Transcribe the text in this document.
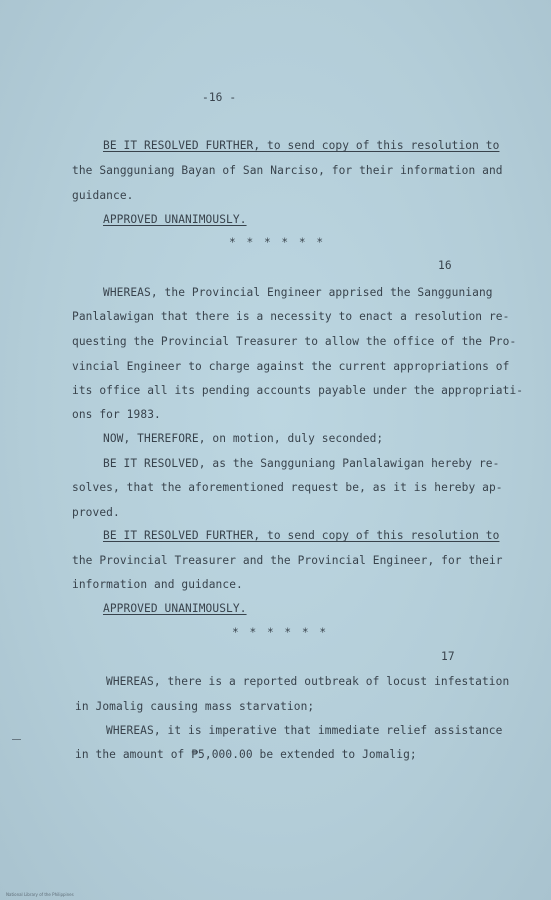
-16 -
BE IT RESOLVED FURTHER, to send copy of this resolution to
the Sangguniang Bayan of San Narciso, for their information and
guidance.
APPROVED UNANIMOUSLY.
* * * * * *
16
WHEREAS, the Provincial Engineer apprised the Sangguniang
Panlalawigan that there is a necessity to enact a resolution re-
questing the Provincial Treasurer to allow the office of the Pro-
vincial Engineer to charge against the current appropriations of
its office all its pending accounts payable under the appropriati-
ons for 1983.
NOW, THEREFORE, on motion, duly seconded;
BE IT RESOLVED, as the Sangguniang Panlalawigan hereby re-
solves, that the aforementioned request be, as it is hereby ap-
proved.
BE IT RESOLVED FURTHER, to send copy of this resolution to
the Provincial Treasurer and the Provincial Engineer, for their
information and guidance.
APPROVED UNANIMOUSLY.
* * * * * *
17
WHEREAS, there is a reported outbreak of locust infestation
in Jomalig causing mass starvation;
WHEREAS, it is imperative that immediate relief assistance
in the amount of ₱5,000.00 be extended to Jomalig;
National Library of the Philippines
